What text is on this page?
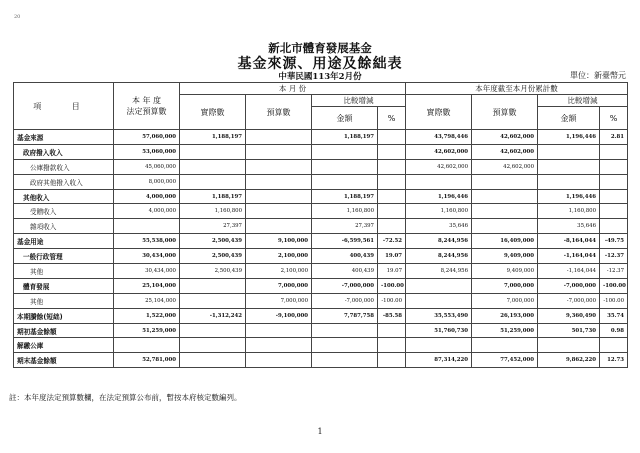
20
新北市體育發展基金
基金來源、用途及餘絀表
中華民國113年2月份	單位：新臺幣元
項 目	本 年 度
法定預算數	本 月 份				本年度截至本月份累計數			
		實際數	預算數	比較增減		實際數	預算數	比較增減	
				金額	%			金額	%
基金來源	57,060,000	1,188,197		1,188,197		43,798,446	42,602,000	1,196,446	2.81
政府撥入收入	53,060,000					42,602,000	42,602,000		
公庫撥款收入	45,060,000					42,602,000	42,602,000		
政府其他撥入收入	8,000,000								
其他收入	4,000,000	1,188,197		1,188,197		1,196,446		1,196,446	
受贈收入	4,000,000	1,160,800		1,160,800		1,160,800		1,160,800	
雜項收入		27,397		27,397		35,646		35,646	
基金用途	55,538,000	2,500,439	9,100,000	-6,599,561	-72.52	8,244,956	16,409,000	-8,164,044	-49.75
一般行政管理	30,434,000	2,500,439	2,100,000	400,439	19.07	8,244,956	9,409,000	-1,164,044	-12.37
其他	30,434,000	2,500,439	2,100,000	400,439	19.07	8,244,956	9,409,000	-1,164,044	-12.37
體育發展	25,104,000		7,000,000	-7,000,000	-100.00		7,000,000	-7,000,000	-100.00
其他	25,104,000		7,000,000	-7,000,000	-100.00		7,000,000	-7,000,000	-100.00
本期賸餘(短絀)	1,522,000	-1,312,242	-9,100,000	7,787,758	-85.58	35,553,490	26,193,000	9,360,490	35.74
期初基金餘額	51,259,000					51,760,730	51,259,000	501,730	0.98
解繳公庫									
期末基金餘額	52,781,000					87,314,220	77,452,000	9,862,220	12.73
註：本年度法定預算數欄，在法定預算公布前，暫按本府核定數編列。
1
